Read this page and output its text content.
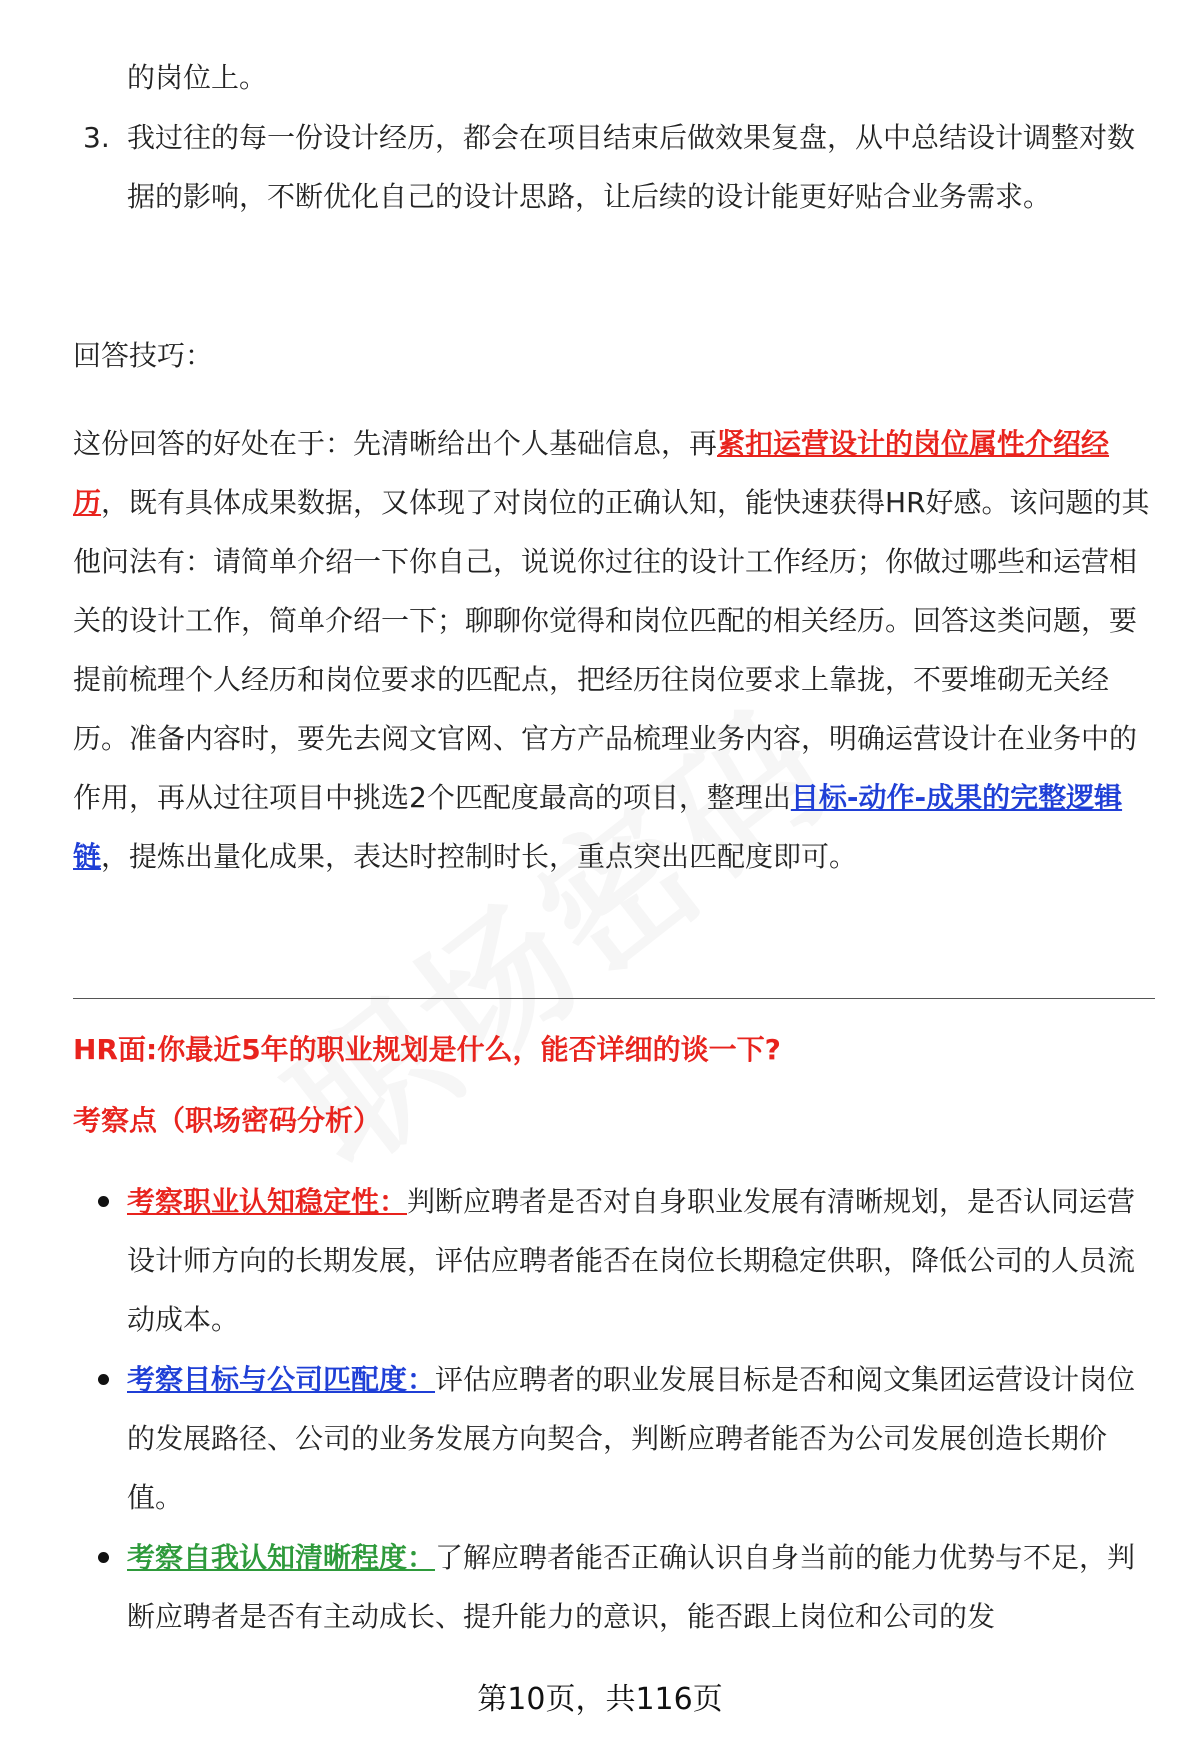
的岗位上。
3. 我过往的每一份设计经历，都会在项目结束后做效果复盘，从中总结设计调整对数据的影响，不断优化自己的设计思路，让后续的设计能更好贴合业务需求。
回答技巧：
这份回答的好处在于：先清晰给出个人基础信息，再紧扣运营设计的岗位属性介绍经历，既有具体成果数据，又体现了对岗位的正确认知，能快速获得HR好感。该问题的其他问法有：请简单介绍一下你自己，说说你过往的设计工作经历；你做过哪些和运营相关的设计工作，简单介绍一下；聊聊你觉得和岗位匹配的相关经历。回答这类问题，要提前梳理个人经历和岗位要求的匹配点，把经历往岗位要求上靠拢，不要堆砌无关经历。准备内容时，要先去阅文官网、官方产品梳理业务内容，明确运营设计在业务中的作用，再从过往项目中挑选2个匹配度最高的项目，整理出目标-动作-成果的完整逻辑链，提炼出量化成果，表达时控制时长，重点突出匹配度即可。
HR面:你最近5年的职业规划是什么，能否详细的谈一下?
考察点（职场密码分析）
考察职业认知稳定性：判断应聘者是否对自身职业发展有清晰规划，是否认同运营设计师方向的长期发展，评估应聘者能否在岗位长期稳定供职，降低公司的人员流动成本。
考察目标与公司匹配度：评估应聘者的职业发展目标是否和阅文集团运营设计岗位的发展路径、公司的业务发展方向契合，判断应聘者能否为公司发展创造长期价值。
考察自我认知清晰程度：了解应聘者能否正确认识自身当前的能力优势与不足，判断应聘者是否有主动成长、提升能力的意识，能否跟上岗位和公司的发
第10页，共116页
